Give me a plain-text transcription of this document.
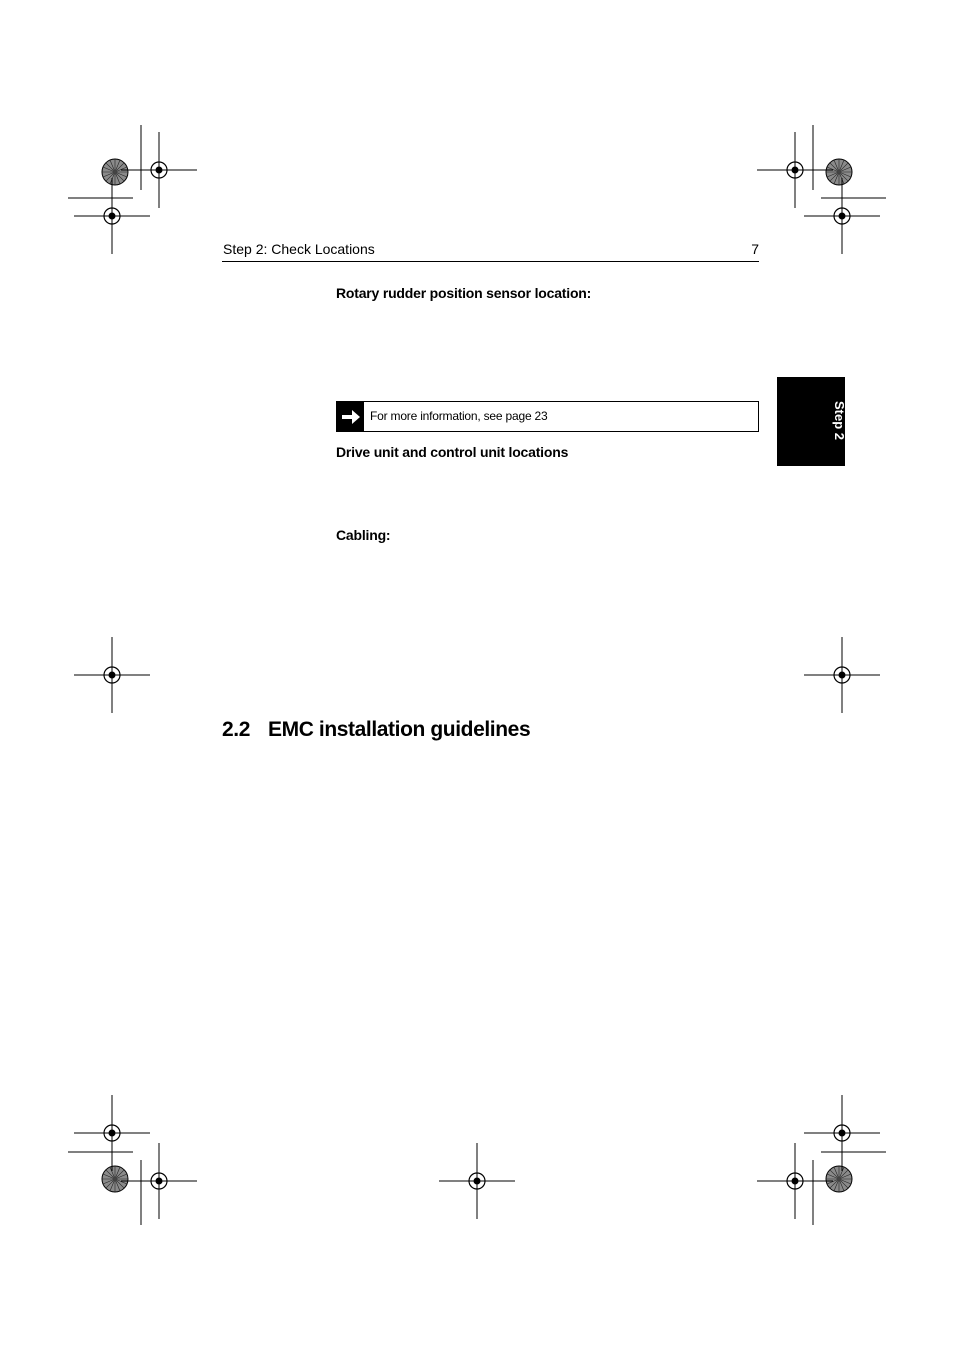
Step 2: Check Locations	7
Step 2
Rotary rudder position sensor location:
For more information, see page 23
Drive unit and control unit locations
Cabling:
2.2 EMC installation guidelines
